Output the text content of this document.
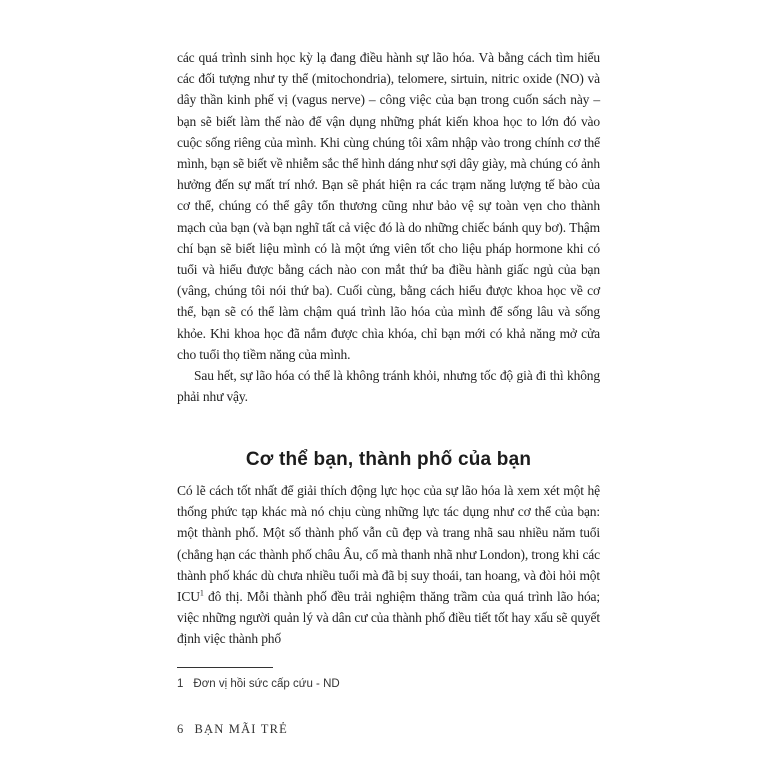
các quá trình sinh học kỳ lạ đang điều hành sự lão hóa. Và bằng cách tìm hiểu các đối tượng như ty thể (mitochondria), telomere, sirtuin, nitric oxide (NO) và dây thần kinh phế vị (vagus nerve) – công việc của bạn trong cuốn sách này – bạn sẽ biết làm thế nào để vận dụng những phát kiến khoa học to lớn đó vào cuộc sống riêng của mình. Khi cùng chúng tôi xâm nhập vào trong chính cơ thể mình, bạn sẽ biết về nhiễm sắc thể hình dáng như sợi dây giày, mà chúng có ảnh hưởng đến sự mất trí nhớ. Bạn sẽ phát hiện ra các trạm năng lượng tế bào của cơ thể, chúng có thể gây tổn thương cũng như bảo vệ sự toàn vẹn cho thành mạch của bạn (và bạn nghĩ tất cả việc đó là do những chiếc bánh quy bơ). Thậm chí bạn sẽ biết liệu mình có là một ứng viên tốt cho liệu pháp hormone khi có tuổi và hiểu được bằng cách nào con mắt thứ ba điều hành giấc ngủ của bạn (vâng, chúng tôi nói thứ ba). Cuối cùng, bằng cách hiểu được khoa học về cơ thể, bạn sẽ có thể làm chậm quá trình lão hóa của mình để sống lâu và sống khỏe. Khi khoa học đã nắm được chìa khóa, chỉ bạn mới có khả năng mở cửa cho tuổi thọ tiềm năng của mình.

Sau hết, sự lão hóa có thể là không tránh khỏi, nhưng tốc độ già đi thì không phải như vậy.

Cơ thể bạn, thành phố của bạn

Có lẽ cách tốt nhất để giải thích động lực học của sự lão hóa là xem xét một hệ thống phức tạp khác mà nó chịu cùng những lực tác dụng như cơ thể của bạn: một thành phố. Một số thành phố vẫn cũ đẹp và trang nhã sau nhiều năm tuổi (chẳng hạn các thành phố châu Âu, cổ mà thanh nhã như London), trong khi các thành phố khác dù chưa nhiều tuổi mà đã bị suy thoái, tan hoang, và đòi hỏi một ICU$^1$ đô thị. Mỗi thành phố đều trải nghiệm thăng trầm của quá trình lão hóa; việc những người quản lý và dân cư của thành phố điều tiết tốt hay xấu sẽ quyết định việc thành phố

1 Đơn vị hồi sức cấp cứu - ND
6 BẠN MÃI TRẺ
